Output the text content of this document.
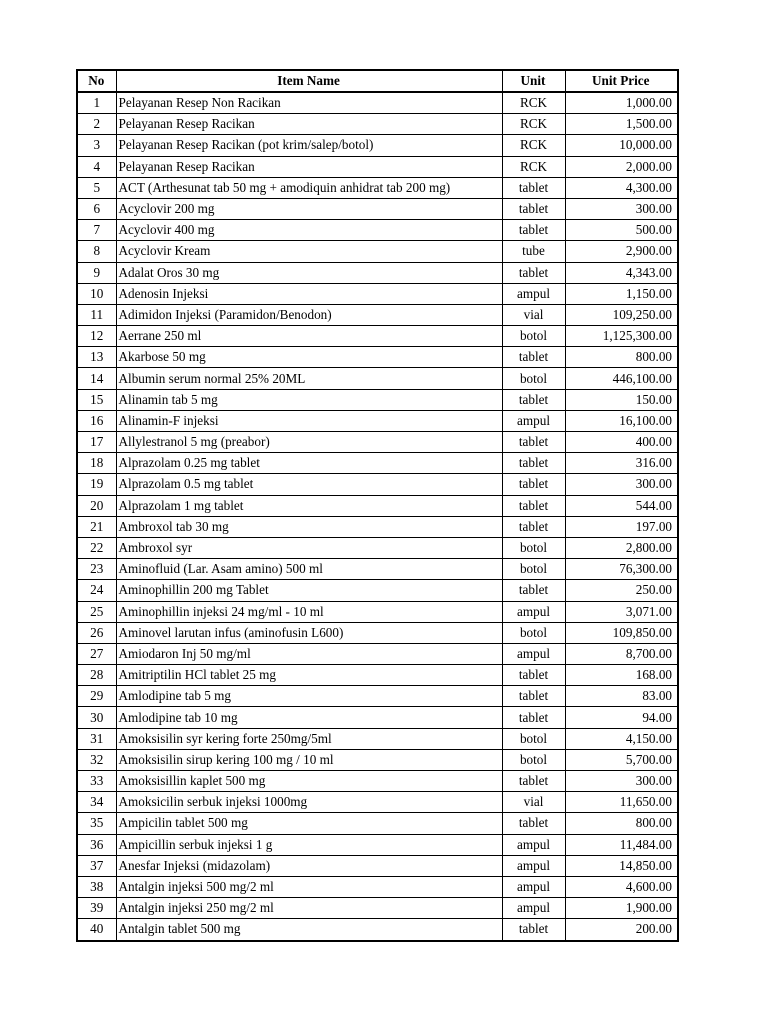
No	Item Name	Unit	Unit Price
1	Pelayanan Resep Non Racikan	RCK	1,000.00
2	Pelayanan Resep Racikan	RCK	1,500.00
3	Pelayanan Resep Racikan (pot krim/salep/botol)	RCK	10,000.00
4	Pelayanan Resep Racikan	RCK	2,000.00
5	ACT (Arthesunat tab 50 mg + amodiquin anhidrat tab 200 mg)	tablet	4,300.00
6	Acyclovir 200 mg	tablet	300.00
7	Acyclovir 400 mg	tablet	500.00
8	Acyclovir Kream	tube	2,900.00
9	Adalat Oros 30 mg	tablet	4,343.00
10	Adenosin Injeksi	ampul	1,150.00
11	Adimidon Injeksi (Paramidon/Benodon)	vial	109,250.00
12	Aerrane 250 ml	botol	1,125,300.00
13	Akarbose 50 mg	tablet	800.00
14	Albumin serum normal 25% 20ML	botol	446,100.00
15	Alinamin tab 5 mg	tablet	150.00
16	Alinamin-F injeksi	ampul	16,100.00
17	Allylestranol 5 mg (preabor)	tablet	400.00
18	Alprazolam 0.25 mg tablet	tablet	316.00
19	Alprazolam 0.5 mg tablet	tablet	300.00
20	Alprazolam 1 mg tablet	tablet	544.00
21	Ambroxol tab 30 mg	tablet	197.00
22	Ambroxol syr	botol	2,800.00
23	Aminofluid (Lar. Asam amino) 500 ml	botol	76,300.00
24	Aminophillin 200 mg Tablet	tablet	250.00
25	Aminophillin injeksi 24 mg/ml - 10 ml	ampul	3,071.00
26	Aminovel larutan infus (aminofusin L600)	botol	109,850.00
27	Amiodaron Inj 50 mg/ml	ampul	8,700.00
28	Amitriptilin HCl tablet 25 mg	tablet	168.00
29	Amlodipine tab 5 mg	tablet	83.00
30	Amlodipine tab 10 mg	tablet	94.00
31	Amoksisilin syr kering forte 250mg/5ml	botol	4,150.00
32	Amoksisilin sirup kering 100 mg / 10 ml	botol	5,700.00
33	Amoksisillin kaplet 500 mg	tablet	300.00
34	Amoksicilin serbuk injeksi 1000mg	vial	11,650.00
35	Ampicilin tablet 500 mg	tablet	800.00
36	Ampicillin serbuk injeksi 1 g	ampul	11,484.00
37	Anesfar Injeksi (midazolam)	ampul	14,850.00
38	Antalgin injeksi 500 mg/2 ml	ampul	4,600.00
39	Antalgin injeksi 250 mg/2 ml	ampul	1,900.00
40	Antalgin tablet 500 mg	tablet	200.00
